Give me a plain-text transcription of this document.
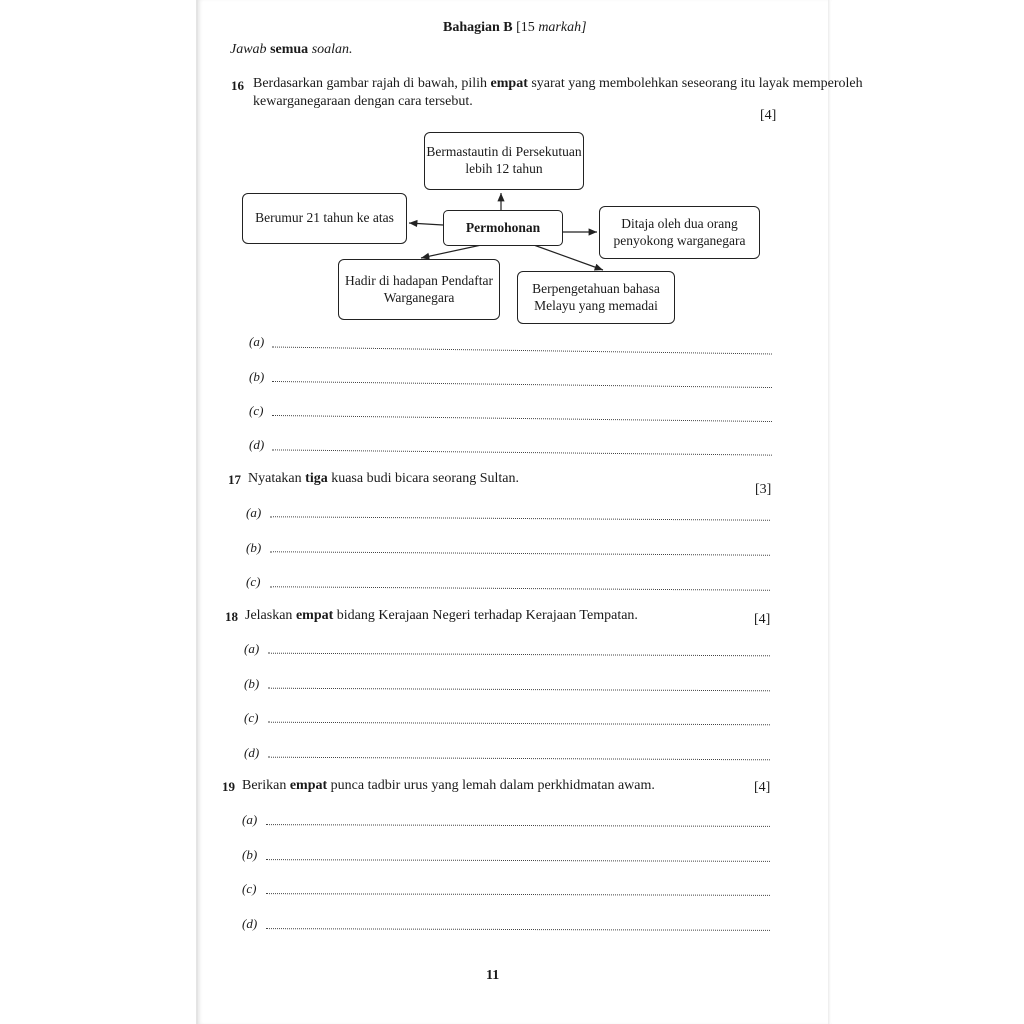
Bahagian B [15 markah]
Jawab semua soalan.
16 Berdasarkan gambar rajah di bawah, pilih empat syarat yang membolehkan seseorang itu layak memperoleh
kewarganegaraan dengan cara tersebut.
[4]
Bermastautin di Persekutuan lebih 12 tahun
Berumur 21 tahun ke atas
Permohonan	Ditaja oleh dua orang penyokong warganegara
Hadir di hadapan Pendaftar Warganegara
Berpengetahuan bahasa Melayu yang memadai
(a)
(b)
(c)
(d)
17 Nyatakan tiga kuasa budi bicara seorang Sultan.
[3]
(a)
(b)
(c)
18 Jelaskan empat bidang Kerajaan Negeri terhadap Kerajaan Tempatan.	[4]
(a)
(b)
(c)
(d)
19 Berikan empat punca tadbir urus yang lemah dalam perkhidmatan awam.	[4]
(a)
(b)
(c)
(d)
11
